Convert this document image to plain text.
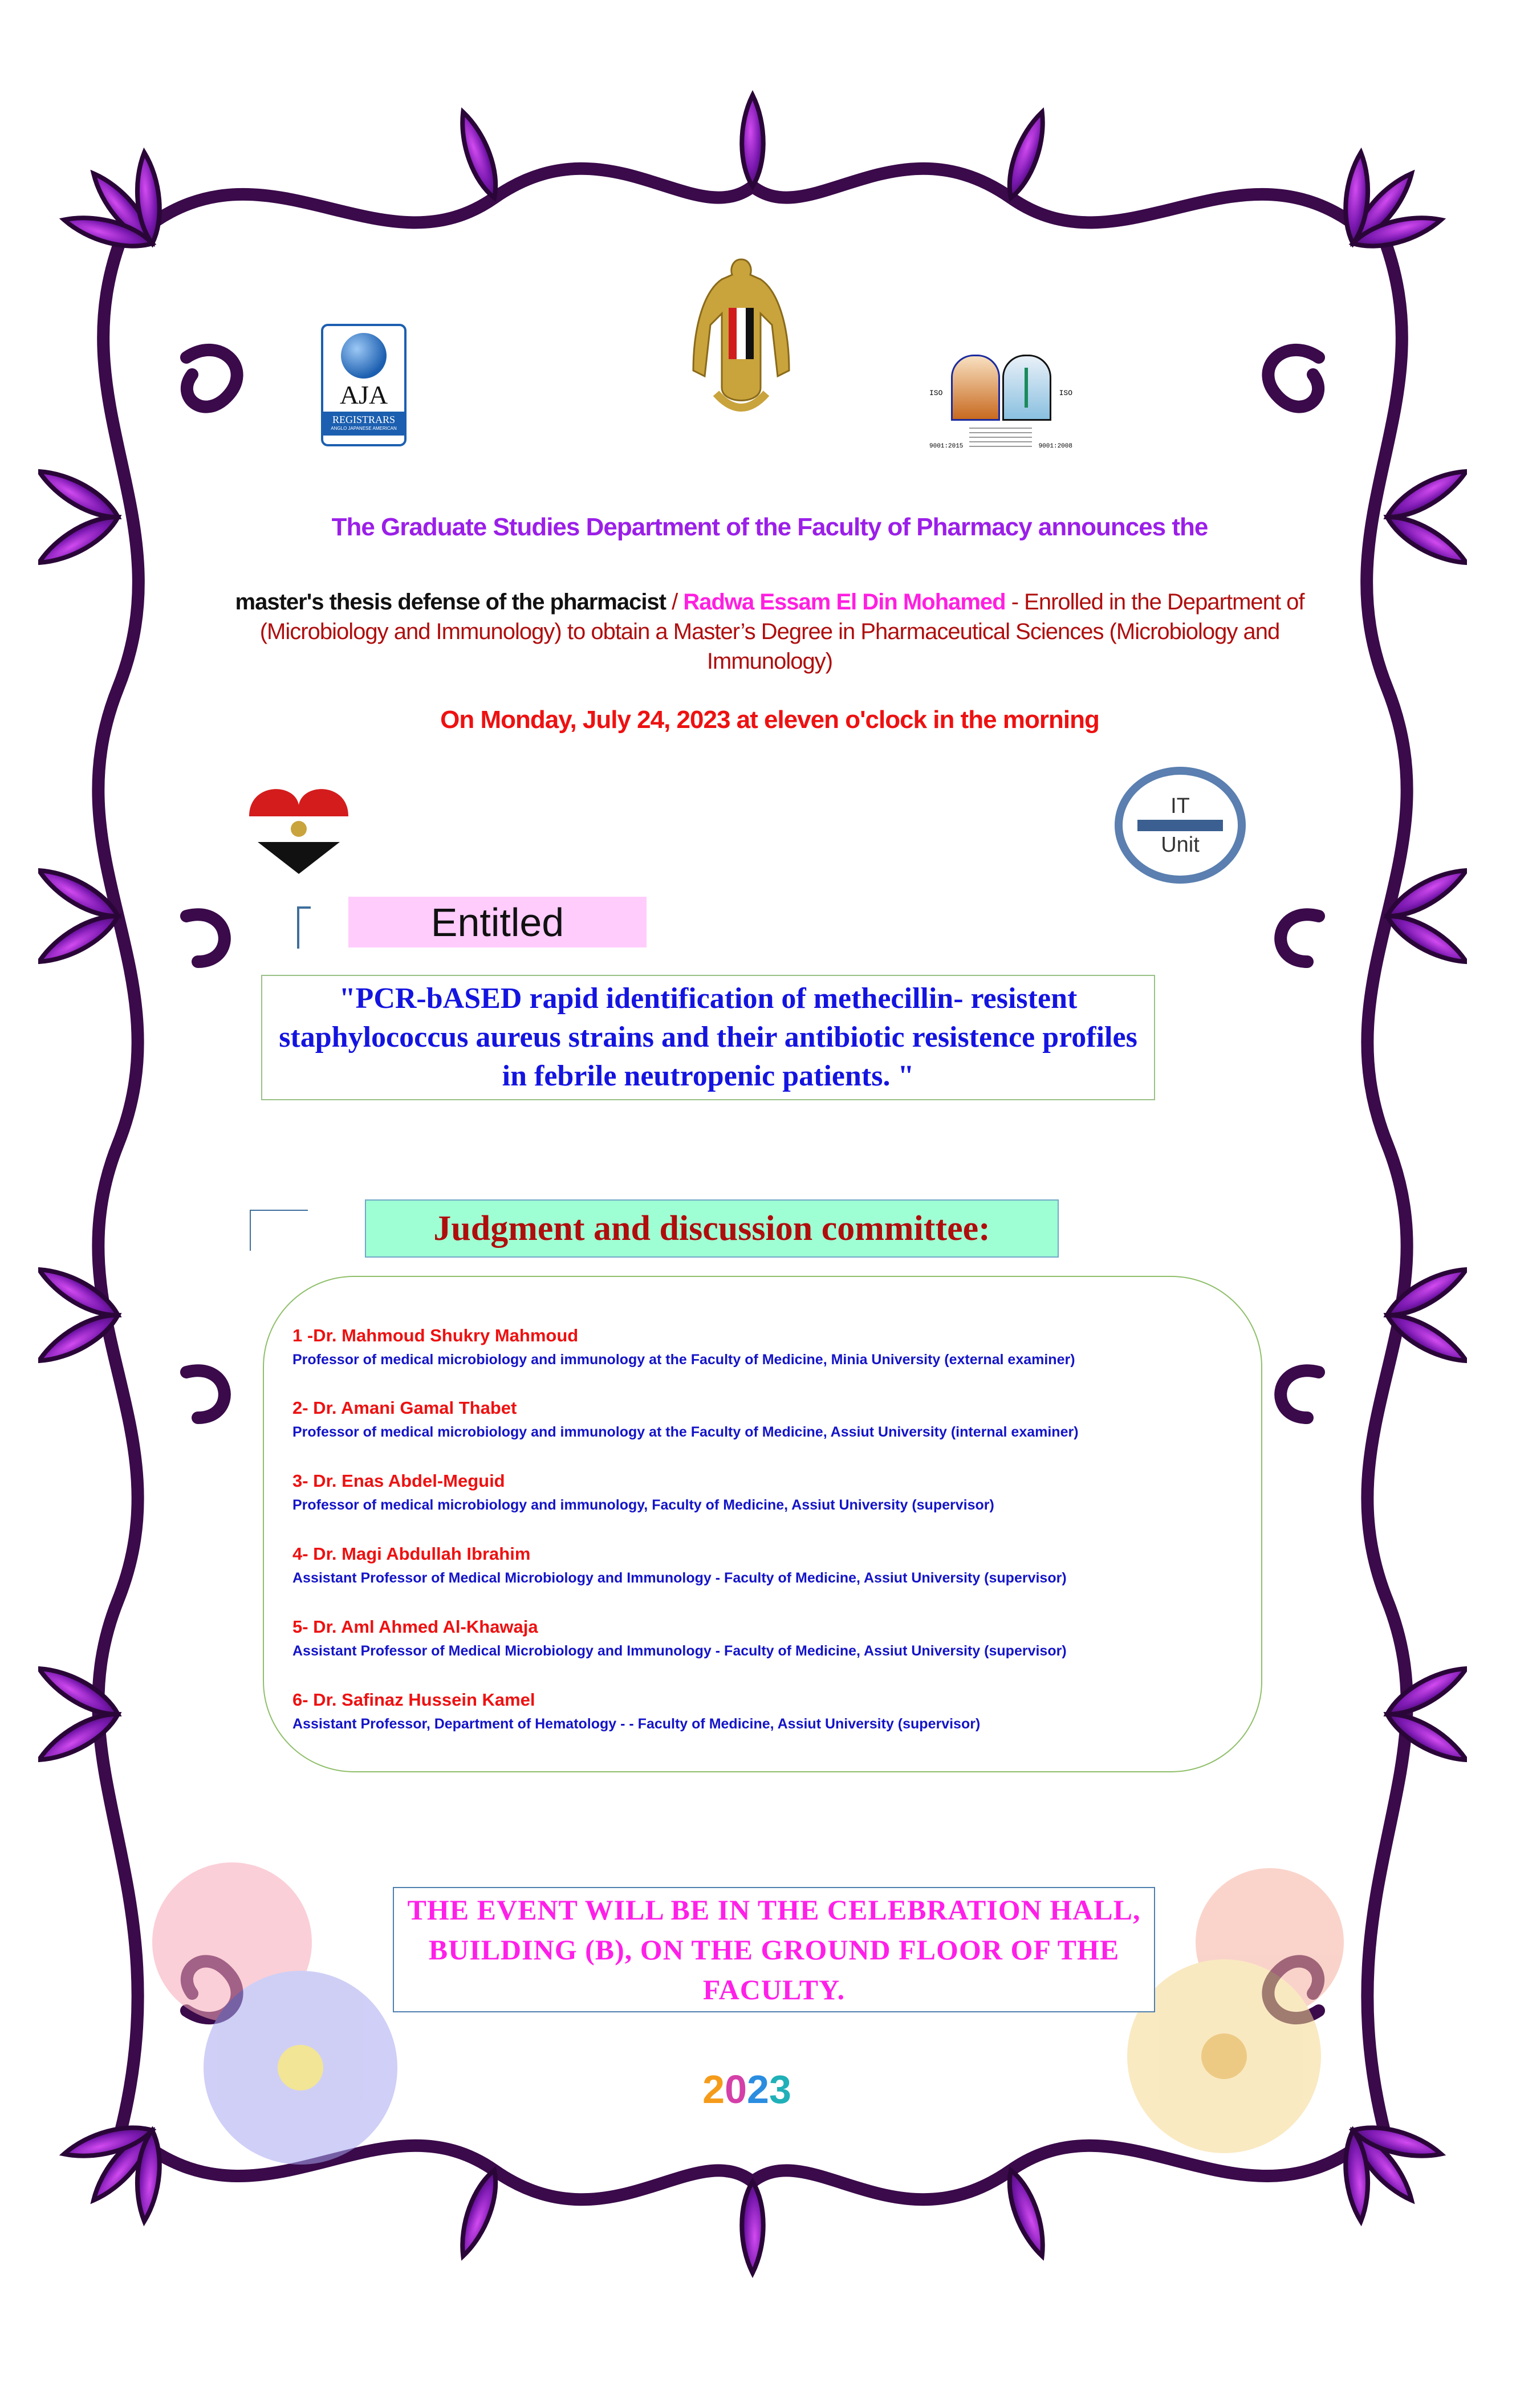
AJA
REGISTRARS
ANGLO JAPANESE AMERICAN
ISO	ISO
9001:2015	9001:2008
The Graduate Studies Department of the Faculty of Pharmacy announces the
master's thesis defense of the pharmacist / Radwa Essam El Din Mohamed - Enrolled in the Department of (Microbiology and Immunology) to obtain a Master’s Degree in Pharmaceutical Sciences (Microbiology and Immunology)
On Monday, July 24, 2023 at eleven o'clock in the morning
IT
Unit
Entitled
"PCR-bASED rapid identification of methecillin- resistent staphylococcus aureus strains and their antibiotic resistence profiles in febrile neutropenic patients. "
Judgment and discussion committee:
1 -Dr. Mahmoud Shukry Mahmoud
Professor of medical microbiology and immunology at the Faculty of Medicine, Minia University (external examiner)
2- Dr. Amani Gamal Thabet
Professor of medical microbiology and immunology at the Faculty of Medicine, Assiut University (internal examiner)
3- Dr. Enas Abdel-Meguid
Professor of medical microbiology and immunology, Faculty of Medicine, Assiut University (supervisor)
4- Dr. Magi Abdullah Ibrahim
Assistant Professor of Medical Microbiology and Immunology - Faculty of Medicine, Assiut University (supervisor)
5- Dr. Aml Ahmed Al-Khawaja
Assistant Professor of Medical Microbiology and Immunology - Faculty of Medicine, Assiut University (supervisor)
6- Dr. Safinaz Hussein Kamel
Assistant Professor, Department of Hematology - - Faculty of Medicine, Assiut University (supervisor)
THE EVENT WILL BE IN THE CELEBRATION HALL, BUILDING (B), ON THE GROUND FLOOR OF THE FACULTY.
2023
